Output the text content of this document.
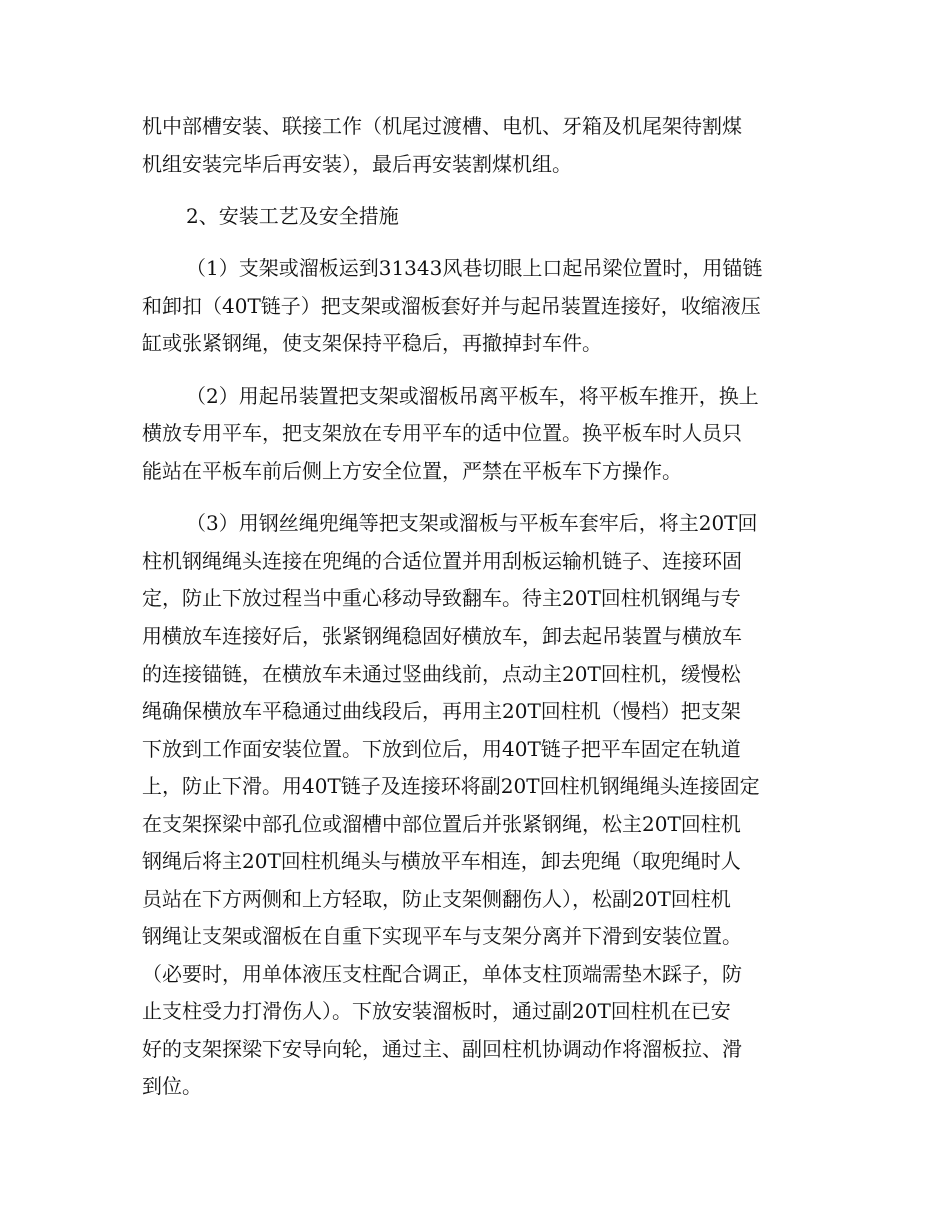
机中部槽安装、联接工作（机尾过渡槽、电机、牙箱及机尾架待割煤
机组安装完毕后再安装），最后再安装割煤机组。
2、安装工艺及安全措施
（1）支架或溜板运到31343风巷切眼上口起吊梁位置时，用锚链
和卸扣（40T链子）把支架或溜板套好并与起吊装置连接好，收缩液压
缸或张紧钢绳，使支架保持平稳后，再撤掉封车件。
（2）用起吊装置把支架或溜板吊离平板车，将平板车推开，换上
横放专用平车，把支架放在专用平车的适中位置。换平板车时人员只
能站在平板车前后侧上方安全位置，严禁在平板车下方操作。
（3）用钢丝绳兜绳等把支架或溜板与平板车套牢后，将主20T回
柱机钢绳绳头连接在兜绳的合适位置并用刮板运输机链子、连接环固
定，防止下放过程当中重心移动导致翻车。待主20T回柱机钢绳与专
用横放车连接好后，张紧钢绳稳固好横放车，卸去起吊装置与横放车
的连接锚链，在横放车未通过竖曲线前，点动主20T回柱机，缓慢松
绳确保横放车平稳通过曲线段后，再用主20T回柱机（慢档）把支架
下放到工作面安装位置。下放到位后，用40T链子把平车固定在轨道
上，防止下滑。用40T链子及连接环将副20T回柱机钢绳绳头连接固定
在支架探梁中部孔位或溜槽中部位置后并张紧钢绳，松主20T回柱机
钢绳后将主20T回柱机绳头与横放平车相连，卸去兜绳（取兜绳时人
员站在下方两侧和上方轻取，防止支架侧翻伤人），松副20T回柱机
钢绳让支架或溜板在自重下实现平车与支架分离并下滑到安装位置。
（必要时，用单体液压支柱配合调正，单体支柱顶端需垫木踩子，防
止支柱受力打滑伤人）。下放安装溜板时，通过副20T回柱机在已安
好的支架探梁下安导向轮，通过主、副回柱机协调动作将溜板拉、滑
到位。
